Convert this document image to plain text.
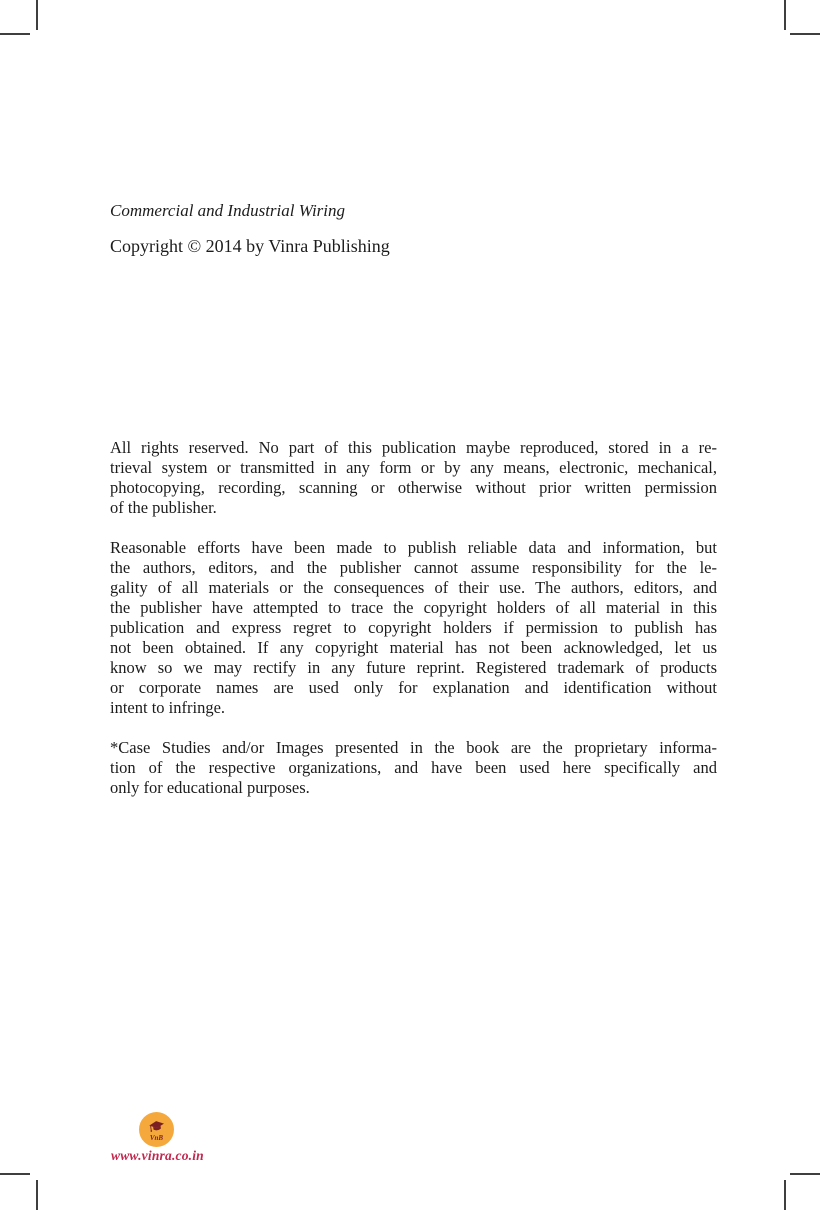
Commercial and Industrial Wiring
Copyright © 2014 by Vinra Publishing
All rights reserved. No part of this publication maybe reproduced, stored in a re-
trieval system or transmitted in any form or by any means, electronic, mechanical,
photocopying, recording, scanning or otherwise without prior written permission
of the publisher.
Reasonable efforts have been made to publish reliable data and information, but
the authors, editors, and the publisher cannot assume responsibility for the le-
gality of all materials or the consequences of their use. The authors, editors, and
the publisher have attempted to trace the copyright holders of all material in this
publication and express regret to copyright holders if permission to publish has
not been obtained. If any copyright material has not been acknowledged, let us
know so we may rectify in any future reprint. Registered trademark of products
or corporate names are used only for explanation and identification without
intent to infringe.
*Case Studies and/or Images presented in the book are the proprietary informa-
tion of the respective organizations, and have been used here specifically and
only for educational purposes.
VnB
www.vinra.co.in
